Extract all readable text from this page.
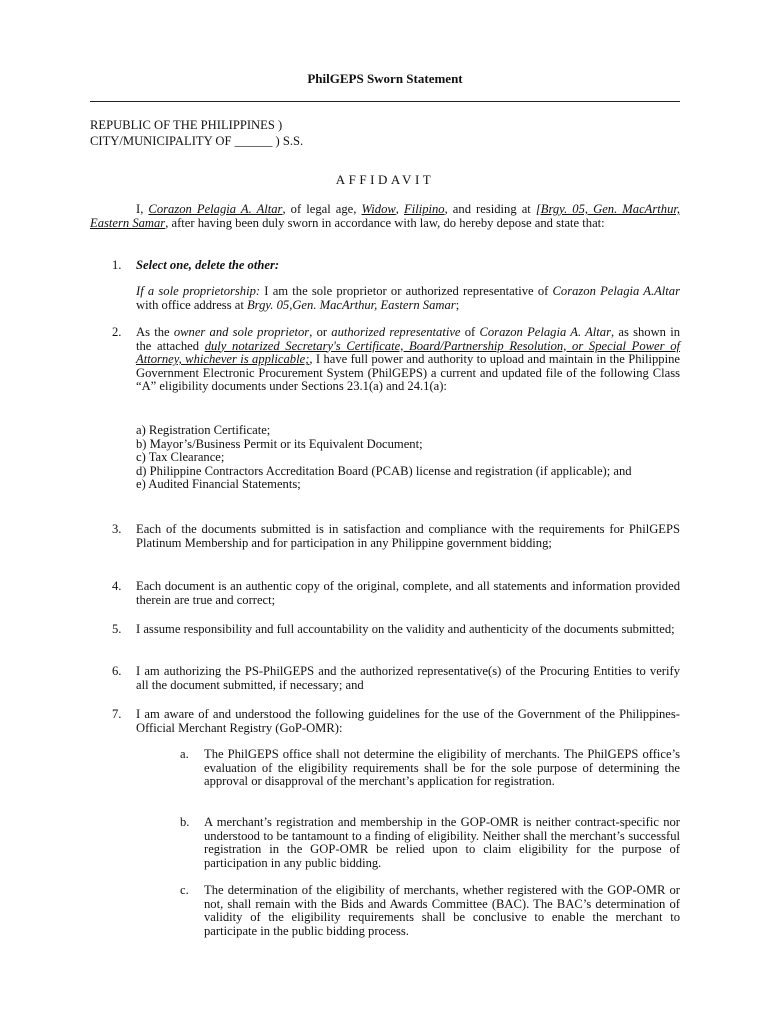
PhilGEPS Sworn Statement
REPUBLIC OF THE PHILIPPINES )
CITY/MUNICIPALITY OF ______ ) S.S.
AFFIDAVIT
I, Corazon Pelagia A. Altar, of legal age, Widow, Filipino, and residing at [Brgy. 05, Gen. MacArthur, Eastern Samar, after having been duly sworn in accordance with law, do hereby depose and state that:
1.	Select one, delete the other:
If a sole proprietorship: I am the sole proprietor or authorized representative of Corazon Pelagia A.Altar with office address at Brgy. 05,Gen. MacArthur, Eastern Samar;
2.	As the owner and sole proprietor, or authorized representative of Corazon Pelagia A. Altar, as shown in the attached duly notarized Secretary's Certificate, Board/Partnership Resolution, or Special Power of Attorney, whichever is applicable;, I have full power and authority to upload and maintain in the Philippine Government Electronic Procurement System (PhilGEPS) a current and updated file of the following Class “A” eligibility documents under Sections 23.1(a) and 24.1(a):
a) Registration Certificate;
b) Mayor’s/Business Permit or its Equivalent Document;
c) Tax Clearance;
d) Philippine Contractors Accreditation Board (PCAB) license and registration (if applicable); and
e) Audited Financial Statements;
3.	Each of the documents submitted is in satisfaction and compliance with the requirements for PhilGEPS Platinum Membership and for participation in any Philippine government bidding;
4.	Each document is an authentic copy of the original, complete, and all statements and information provided therein are true and correct;
5.	I assume responsibility and full accountability on the validity and authenticity of the documents submitted;
6.	I am authorizing the PS-PhilGEPS and the authorized representative(s) of the Procuring Entities to verify all the document submitted, if necessary; and
7.	I am aware of and understood the following guidelines for the use of the Government of the Philippines- Official Merchant Registry (GoP-OMR):
a. The PhilGEPS office shall not determine the eligibility of merchants. The PhilGEPS office’s evaluation of the eligibility requirements shall be for the sole purpose of determining the approval or disapproval of the merchant’s application for registration.
b. A merchant’s registration and membership in the GOP-OMR is neither contract-specific nor understood to be tantamount to a finding of eligibility. Neither shall the merchant’s successful registration in the GOP-OMR be relied upon to claim eligibility for the purpose of participation in any public bidding.
c. The determination of the eligibility of merchants, whether registered with the GOP-OMR or not, shall remain with the Bids and Awards Committee (BAC). The BAC’s determination of validity of the eligibility requirements shall be conclusive to enable the merchant to participate in the public bidding process.
